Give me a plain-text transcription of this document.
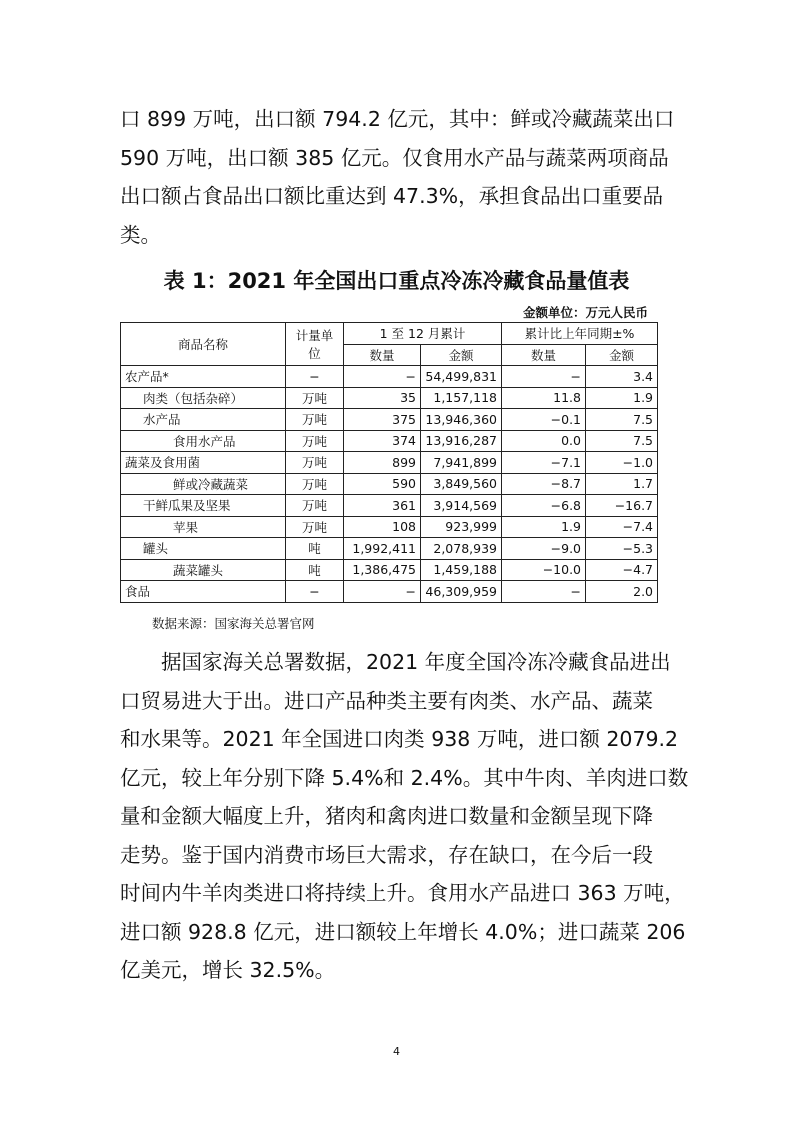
口 899 万吨，出口额 794.2 亿元，其中：鲜或冷藏蔬菜出口
590 万吨，出口额 385 亿元。仅食用水产品与蔬菜两项商品
出口额占食品出口额比重达到 47.3%，承担食品出口重要品
类。

表 1：2021 年全国出口重点冷冻冷藏食品量值表
金额单位：万元人民币
商品名称	计量单位	1 至 12 月累计		累计比上年同期±%	
		数量	金额	数量	金额
农产品*	−	−	54,499,831	−	3.4
肉类（包括杂碎）	万吨	35	1,157,118	11.8	1.9
水产品	万吨	375	13,946,360	−0.1	7.5
食用水产品	万吨	374	13,916,287	0.0	7.5
蔬菜及食用菌	万吨	899	7,941,899	−7.1	−1.0
鲜或冷藏蔬菜	万吨	590	3,849,560	−8.7	1.7
干鲜瓜果及坚果	万吨	361	3,914,569	−6.8	−16.7
苹果	万吨	108	923,999	1.9	−7.4
罐头	吨	1,992,411	2,078,939	−9.0	−5.3
蔬菜罐头	吨	1,386,475	1,459,188	−10.0	−4.7
食品	−	−	46,309,959	−	2.0
数据来源：国家海关总署官网

　　据国家海关总署数据，2021 年度全国冷冻冷藏食品进出
口贸易进大于出。进口产品种类主要有肉类、水产品、蔬菜
和水果等。2021 年全国进口肉类 938 万吨，进口额 2079.2
亿元，较上年分别下降 5.4%和 2.4%。其中牛肉、羊肉进口数
量和金额大幅度上升，猪肉和禽肉进口数量和金额呈现下降
走势。鉴于国内消费市场巨大需求，存在缺口，在今后一段
时间内牛羊肉类进口将持续上升。食用水产品进口 363 万吨，
进口额 928.8 亿元，进口额较上年增长 4.0%；进口蔬菜 206
亿美元，增长 32.5%。

4
